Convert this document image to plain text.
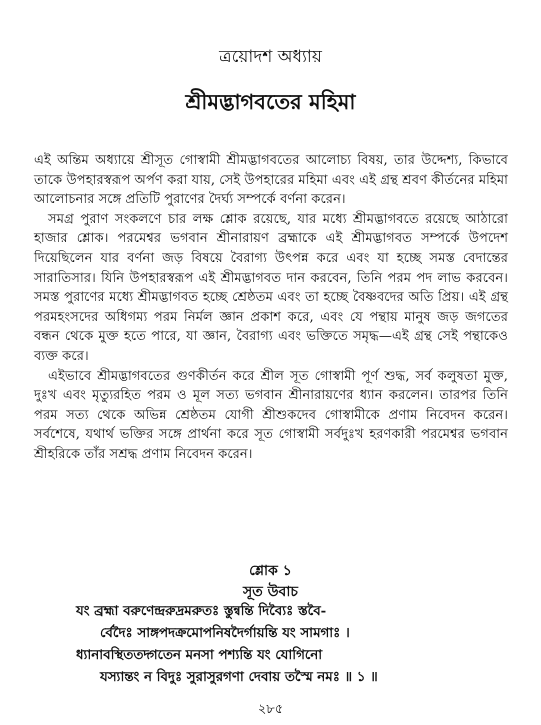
ত্রয়োদশ অধ্যায়
শ্রীমদ্ভাগবতের মহিমা

এই অন্তিম অধ্যায়ে শ্রীসূত গোস্বামী শ্রীমদ্ভাগবতের আলোচ্য বিষয়, তার উদ্দেশ্য, কিভাবে তাকে উপহারস্বরূপ অর্পণ করা যায়, সেই উপহারের মহিমা এবং এই গ্রন্থ শ্রবণ কীর্তনের মহিমা আলোচনার সঙ্গে প্রতিটি পুরাণের দৈর্ঘ্য সম্পর্কে বর্ণনা করেন।

সমগ্র পুরাণ সংকলণে চার লক্ষ শ্লোক রয়েছে, যার মধ্যে শ্রীমদ্ভাগবতে রয়েছে আঠারো হাজার শ্লোক। পরমেশ্বর ভগবান শ্রীনারায়ণ ব্রহ্মাকে এই শ্রীমদ্ভাগবত সম্পর্কে উপদেশ দিয়েছিলেন যার বর্ণনা জড় বিষয়ে বৈরাগ্য উৎপন্ন করে এবং যা হচ্ছে সমস্ত বেদান্তের সারাতিসার। যিনি উপহারস্বরূপ এই শ্রীমদ্ভাগবত দান করবেন, তিনি পরম পদ লাভ করবেন। সমস্ত পুরাণের মধ্যে শ্রীমদ্ভাগবত হচ্ছে শ্রেষ্ঠতম এবং তা হচ্ছে বৈষ্ণবদের অতি প্রিয়। এই গ্রন্থ পরমহংসদের অধিগম্য পরম নির্মল জ্ঞান প্রকাশ করে, এবং যে পন্থায় মানুষ জড় জগতের বন্ধন থেকে মুক্ত হতে পারে, যা জ্ঞান, বৈরাগ্য এবং ভক্তিতে সমৃদ্ধ—এই গ্রন্থ সেই পন্থাকেও ব্যক্ত করে।

এইভাবে শ্রীমদ্ভাগবতের গুণকীর্তন করে শ্রীল সূত গোস্বামী পূর্ণ শুদ্ধ, সর্ব কলুষতা মুক্ত, দুঃখ এবং মৃত্যুরহিত পরম ও মূল সত্য ভগবান শ্রীনারায়ণের ধ্যান করলেন। তারপর তিনি পরম সত্য থেকে অভিন্ন শ্রেষ্ঠতম যোগী শ্রীশুকদেব গোস্বামীকে প্রণাম নিবেদন করেন। সর্বশেষে, যথার্থ ভক্তির সঙ্গে প্রার্থনা করে সূত গোস্বামী সর্বদুঃখ হরণকারী পরমেশ্বর ভগবান শ্রীহরিকে তাঁর সশ্রদ্ধ প্রণাম নিবেদন করেন।

শ্লোক ১
সূত উবাচ
যং ব্রহ্মা বরুণেন্দ্ররুদ্রমরুতঃ স্তুন্বন্তি দিব্যৈঃ স্তবৈ-
র্বেদৈঃ সাঙ্গপদক্রমোপনিষদৈর্গায়ন্তি যং সামগাঃ ।
ধ্যানাবস্থিততদ্গতেন মনসা পশ্যন্তি যং যোগিনো
যস্যান্তং ন বিদুঃ সুরাসুরগণা দেবায় তস্মৈ নমঃ ॥ ১ ॥
২৮৫
